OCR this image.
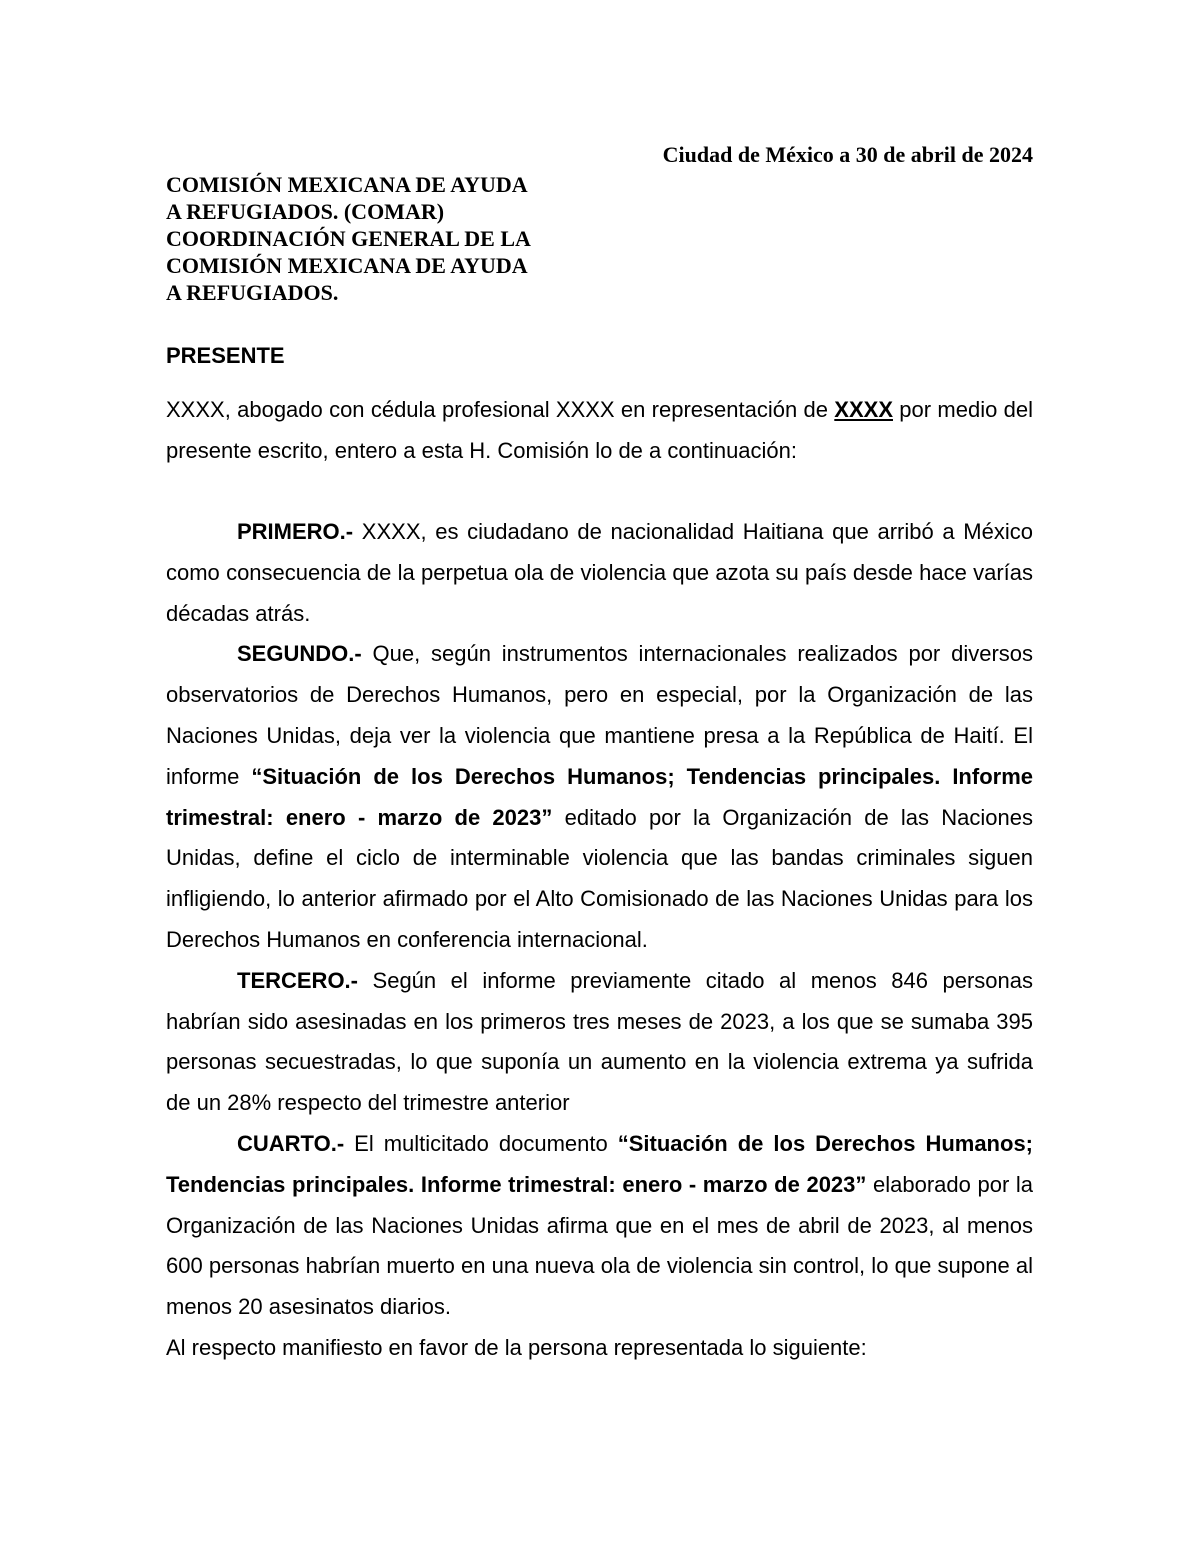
Ciudad de México a 30 de abril de 2024
COMISIÓN MEXICANA DE AYUDA
A REFUGIADOS. (COMAR)
COORDINACIÓN GENERAL DE LA
COMISIÓN MEXICANA DE AYUDA
A REFUGIADOS.
PRESENTE

XXXX, abogado con cédula profesional XXXX en representación de XXXX por medio del presente escrito, entero a esta H. Comisión lo de a continuación:

PRIMERO.- XXXX, es ciudadano de nacionalidad Haitiana que arribó a México como consecuencia de la perpetua ola de violencia que azota su país desde hace varías décadas atrás.

SEGUNDO.- Que, según instrumentos internacionales realizados por diversos observatorios de Derechos Humanos, pero en especial, por la Organización de las Naciones Unidas, deja ver la violencia que mantiene presa a la República de Haití. El informe “Situación de los Derechos Humanos; Tendencias principales. Informe trimestral: enero - marzo de 2023” editado por la Organización de las Naciones Unidas, define el ciclo de interminable violencia que las bandas criminales siguen infligiendo, lo anterior afirmado por el Alto Comisionado de las Naciones Unidas para los Derechos Humanos en conferencia internacional.

TERCERO.- Según el informe previamente citado al menos 846 personas habrían sido asesinadas en los primeros tres meses de 2023, a los que se sumaba 395 personas secuestradas, lo que suponía un aumento en la violencia extrema ya sufrida de un 28% respecto del trimestre anterior

CUARTO.- El multicitado documento “Situación de los Derechos Humanos; Tendencias principales. Informe trimestral: enero - marzo de 2023” elaborado por la Organización de las Naciones Unidas afirma que en el mes de abril de 2023, al menos 600 personas habrían muerto en una nueva ola de violencia sin control, lo que supone al menos 20 asesinatos diarios.

Al respecto manifiesto en favor de la persona representada lo siguiente:
